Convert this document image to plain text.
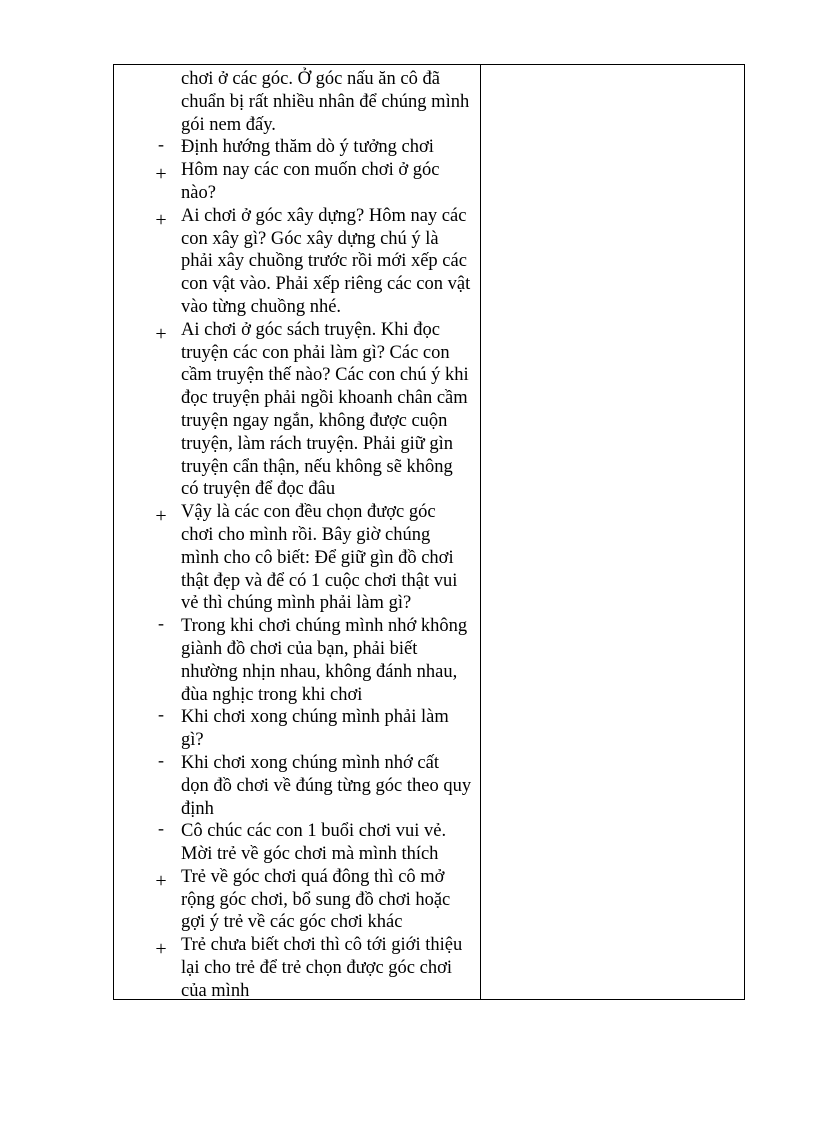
chơi ở các góc. Ở góc nấu ăn cô đã
chuẩn bị rất nhiều nhân để chúng mình
gói nem đấy.
- Định hướng thăm dò ý tưởng chơi
+ Hôm nay các con muốn chơi ở góc
nào?
+ Ai chơi ở góc xây dựng? Hôm nay các
con xây gì? Góc xây dựng chú ý là
phải xây chuồng trước rồi mới xếp các
con vật vào. Phải xếp riêng các con vật
vào từng chuồng nhé.
+ Ai chơi ở góc sách truyện. Khi đọc
truyện các con phải làm gì? Các con
cầm truyện thế nào? Các con chú ý khi
đọc truyện phải ngồi khoanh chân cầm
truyện ngay ngắn, không được cuộn
truyện, làm rách truyện. Phải giữ gìn
truyện cẩn thận, nếu không sẽ không
có truyện để đọc đâu
+ Vậy là các con đều chọn được góc
chơi cho mình rồi. Bây giờ chúng
mình cho cô biết: Để giữ gìn đồ chơi
thật đẹp và để có 1 cuộc chơi thật vui
vẻ thì chúng mình phải làm gì?
- Trong khi chơi chúng mình nhớ không
giành đồ chơi của bạn, phải biết
nhường nhịn nhau, không đánh nhau,
đùa nghịc trong khi chơi
- Khi chơi xong chúng mình phải làm
gì?
- Khi chơi xong chúng mình nhớ cất
dọn đồ chơi về đúng từng góc theo quy
định
- Cô chúc các con 1 buổi chơi vui vẻ.
Mời trẻ về góc chơi mà mình thích
+ Trẻ về góc chơi quá đông thì cô mở
rộng góc chơi, bổ sung đồ chơi hoặc
gợi ý trẻ về các góc chơi khác
+ Trẻ chưa biết chơi thì cô tới giới thiệu
lại cho trẻ để trẻ chọn được góc chơi
của mình
